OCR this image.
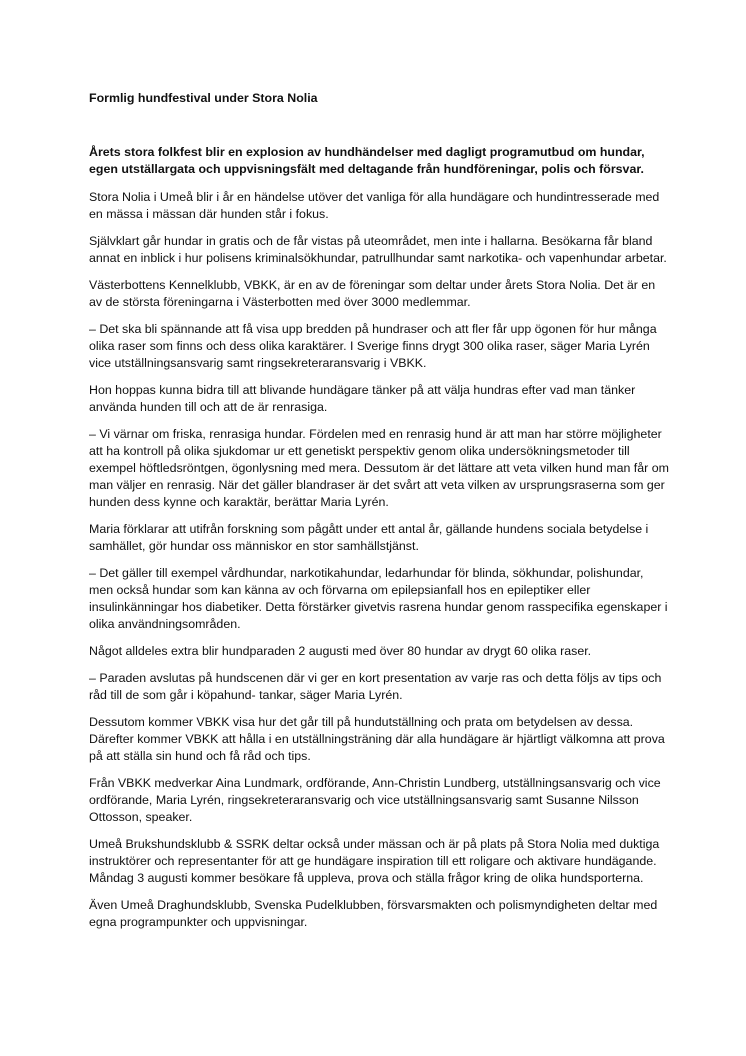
Formlig hundfestival under Stora Nolia

Årets stora folkfest blir en explosion av hundhändelser med dagligt programutbud om hundar, egen utställargata och uppvisningsfält med deltagande från hundföreningar, polis och försvar.

Stora Nolia i Umeå blir i år en händelse utöver det vanliga för alla hundägare och hundintresserade med en mässa i mässan där hunden står i fokus.

Självklart går hundar in gratis och de får vistas på uteområdet, men inte i hallarna. Besökarna får bland annat en inblick i hur polisens kriminalsökhundar, patrullhundar samt narkotika- och vapenhundar arbetar.

Västerbottens Kennelklubb, VBKK, är en av de föreningar som deltar under årets Stora Nolia. Det är en av de största föreningarna i Västerbotten med över 3000 medlemmar.

– Det ska bli spännande att få visa upp bredden på hundraser och att fler får upp ögonen för hur många olika raser som finns och dess olika karaktärer. I Sverige finns drygt 300 olika raser, säger Maria Lyrén vice utställningsansvarig samt ringsekreteraransvarig i VBKK.

Hon hoppas kunna bidra till att blivande hundägare tänker på att välja hundras efter vad man tänker använda hunden till och att de är renrasiga.

– Vi värnar om friska, renrasiga hundar. Fördelen med en renrasig hund är att man har större möjligheter att ha kontroll på olika sjukdomar ur ett genetiskt perspektiv genom olika undersökningsmetoder till exempel höftledsröntgen, ögonlysning med mera. Dessutom är det lättare att veta vilken hund man får om man väljer en renrasig. När det gäller blandraser är det svårt att veta vilken av ursprungsraserna som ger hunden dess kynne och karaktär, berättar Maria Lyrén.

Maria förklarar att utifrån forskning som pågått under ett antal år, gällande hundens sociala betydelse i samhället, gör hundar oss människor en stor samhällstjänst.

– Det gäller till exempel vårdhundar, narkotikahundar, ledarhundar för blinda, sökhundar, polishundar, men också hundar som kan känna av och förvarna om epilepsianfall hos en epileptiker eller insulinkänningar hos diabetiker. Detta förstärker givetvis rasrena hundar genom rasspecifika egenskaper i olika användningsområden.

Något alldeles extra blir hundparaden 2 augusti med över 80 hundar av drygt 60 olika raser.

– Paraden avslutas på hundscenen där vi ger en kort presentation av varje ras och detta följs av tips och råd till de som går i köpahund- tankar, säger Maria Lyrén.

Dessutom kommer VBKK visa hur det går till på hundutställning och prata om betydelsen av dessa. Därefter kommer VBKK att hålla i en utställningsträning där alla hundägare är hjärtligt välkomna att prova på att ställa sin hund och få råd och tips.

Från VBKK medverkar Aina Lundmark, ordförande, Ann-Christin Lundberg, utställningsansvarig och vice ordförande, Maria Lyrén, ringsekreteraransvarig och vice utställningsansvarig samt Susanne Nilsson Ottosson, speaker.

Umeå Brukshundsklubb & SSRK deltar också under mässan och är på plats på Stora Nolia med duktiga instruktörer och representanter för att ge hundägare inspiration till ett roligare och aktivare hundägande. Måndag 3 augusti kommer besökare få uppleva, prova och ställa frågor kring de olika hundsporterna.

Även Umeå Draghundsklubb, Svenska Pudelklubben, försvarsmakten och polismyndigheten deltar med egna programpunkter och uppvisningar.
